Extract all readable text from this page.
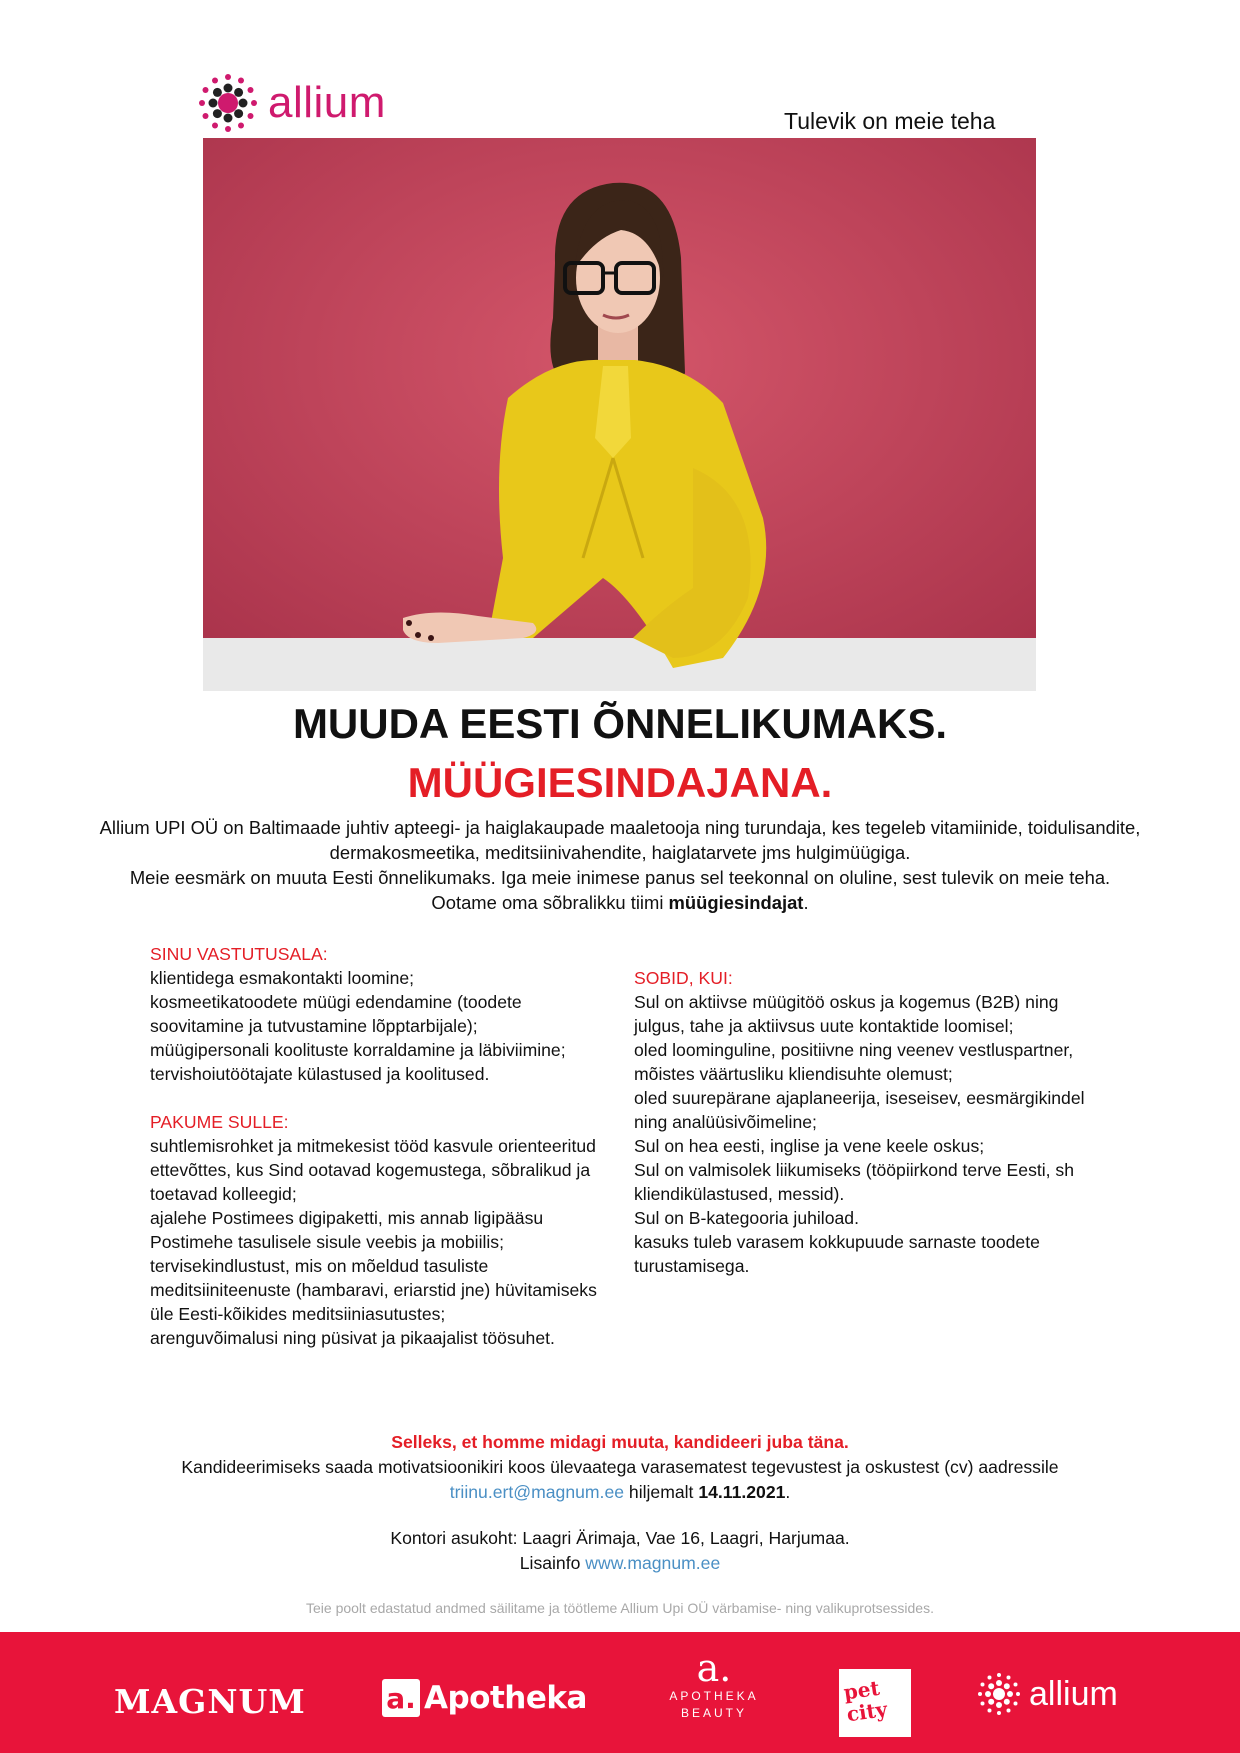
allium	Tulevik on meie teha
MUUDA EESTI ÕNNELIKUMAKS.
MÜÜGIESINDAJANA.

Allium UPI OÜ on Baltimaade juhtiv apteegi- ja haiglakaupade maaletooja ning turundaja, kes tegeleb vitamiinide, toidulisandite, dermakosmeetika, meditsiinivahendite, haiglatarvete jms hulgimüügiga.

Meie eesmärk on muuta Eesti õnnelikumaks. Iga meie inimese panus sel teekonnal on oluline, sest tulevik on meie teha.

Ootame oma sõbralikku tiimi müügiesindajat.

SINU VASTUTUSALA:
klientidega esmakontakti loomine;
kosmeetikatoodete müügi edendamine (toodete soovitamine ja tutvustamine lõpptarbijale);
müügipersonali koolituste korraldamine ja läbiviimine;
tervishoiutöötajate külastused ja koolitused.
PAKUME SULLE:
suhtlemisrohket ja mitmekesist tööd kasvule orienteeritud ettevõttes, kus Sind ootavad kogemustega, sõbralikud ja toetavad kolleegid;
ajalehe Postimees digipaketti, mis annab ligipääsu Postimehe tasulisele sisule veebis ja mobiilis;
tervisekindlustust, mis on mõeldud tasuliste meditsiiniteenuste (hambaravi, eriarstid jne) hüvitamiseks üle Eesti-kõikides meditsiiniasutustes;
arenguvõimalusi ning püsivat ja pikaajalist töösuhet.
SOBID, KUI:
Sul on aktiivse müügitöö oskus ja kogemus (B2B) ning julgus, tahe ja aktiivsus uute kontaktide loomisel;
oled loominguline, positiivne ning veenev vestluspartner, mõistes väärtusliku kliendisuhte olemust;
oled suurepärane ajaplaneerija, iseseisev, eesmärgikindel ning analüüsivõimeline;
Sul on hea eesti, inglise ja vene keele oskus;
Sul on valmisolek liikumiseks (tööpiirkond terve Eesti, sh kliendikülastused, messid).
Sul on B-kategooria juhiload.
kasuks tuleb varasem kokkupuude sarnaste toodete turustamisega.
Selleks, et homme midagi muuta, kandideeri juba täna.
Kandideerimiseks saada motivatsioonikiri koos ülevaatega varasematest tegevustest ja oskustest (cv) aadressile
triinu.ert@magnum.ee hiljemalt 14.11.2021.
Kontori asukoht: Laagri Ärimaja, Vae 16, Laagri, Harjumaa.
Lisainfo www.magnum.ee
Teie poolt edastatud andmed säilitame ja töötleme Allium Upi OÜ värbamise- ning valikuprotsessides.
MAGNUM	a. Apotheka
a.
APOTHEKA
BEAUTY
pet city	allium
